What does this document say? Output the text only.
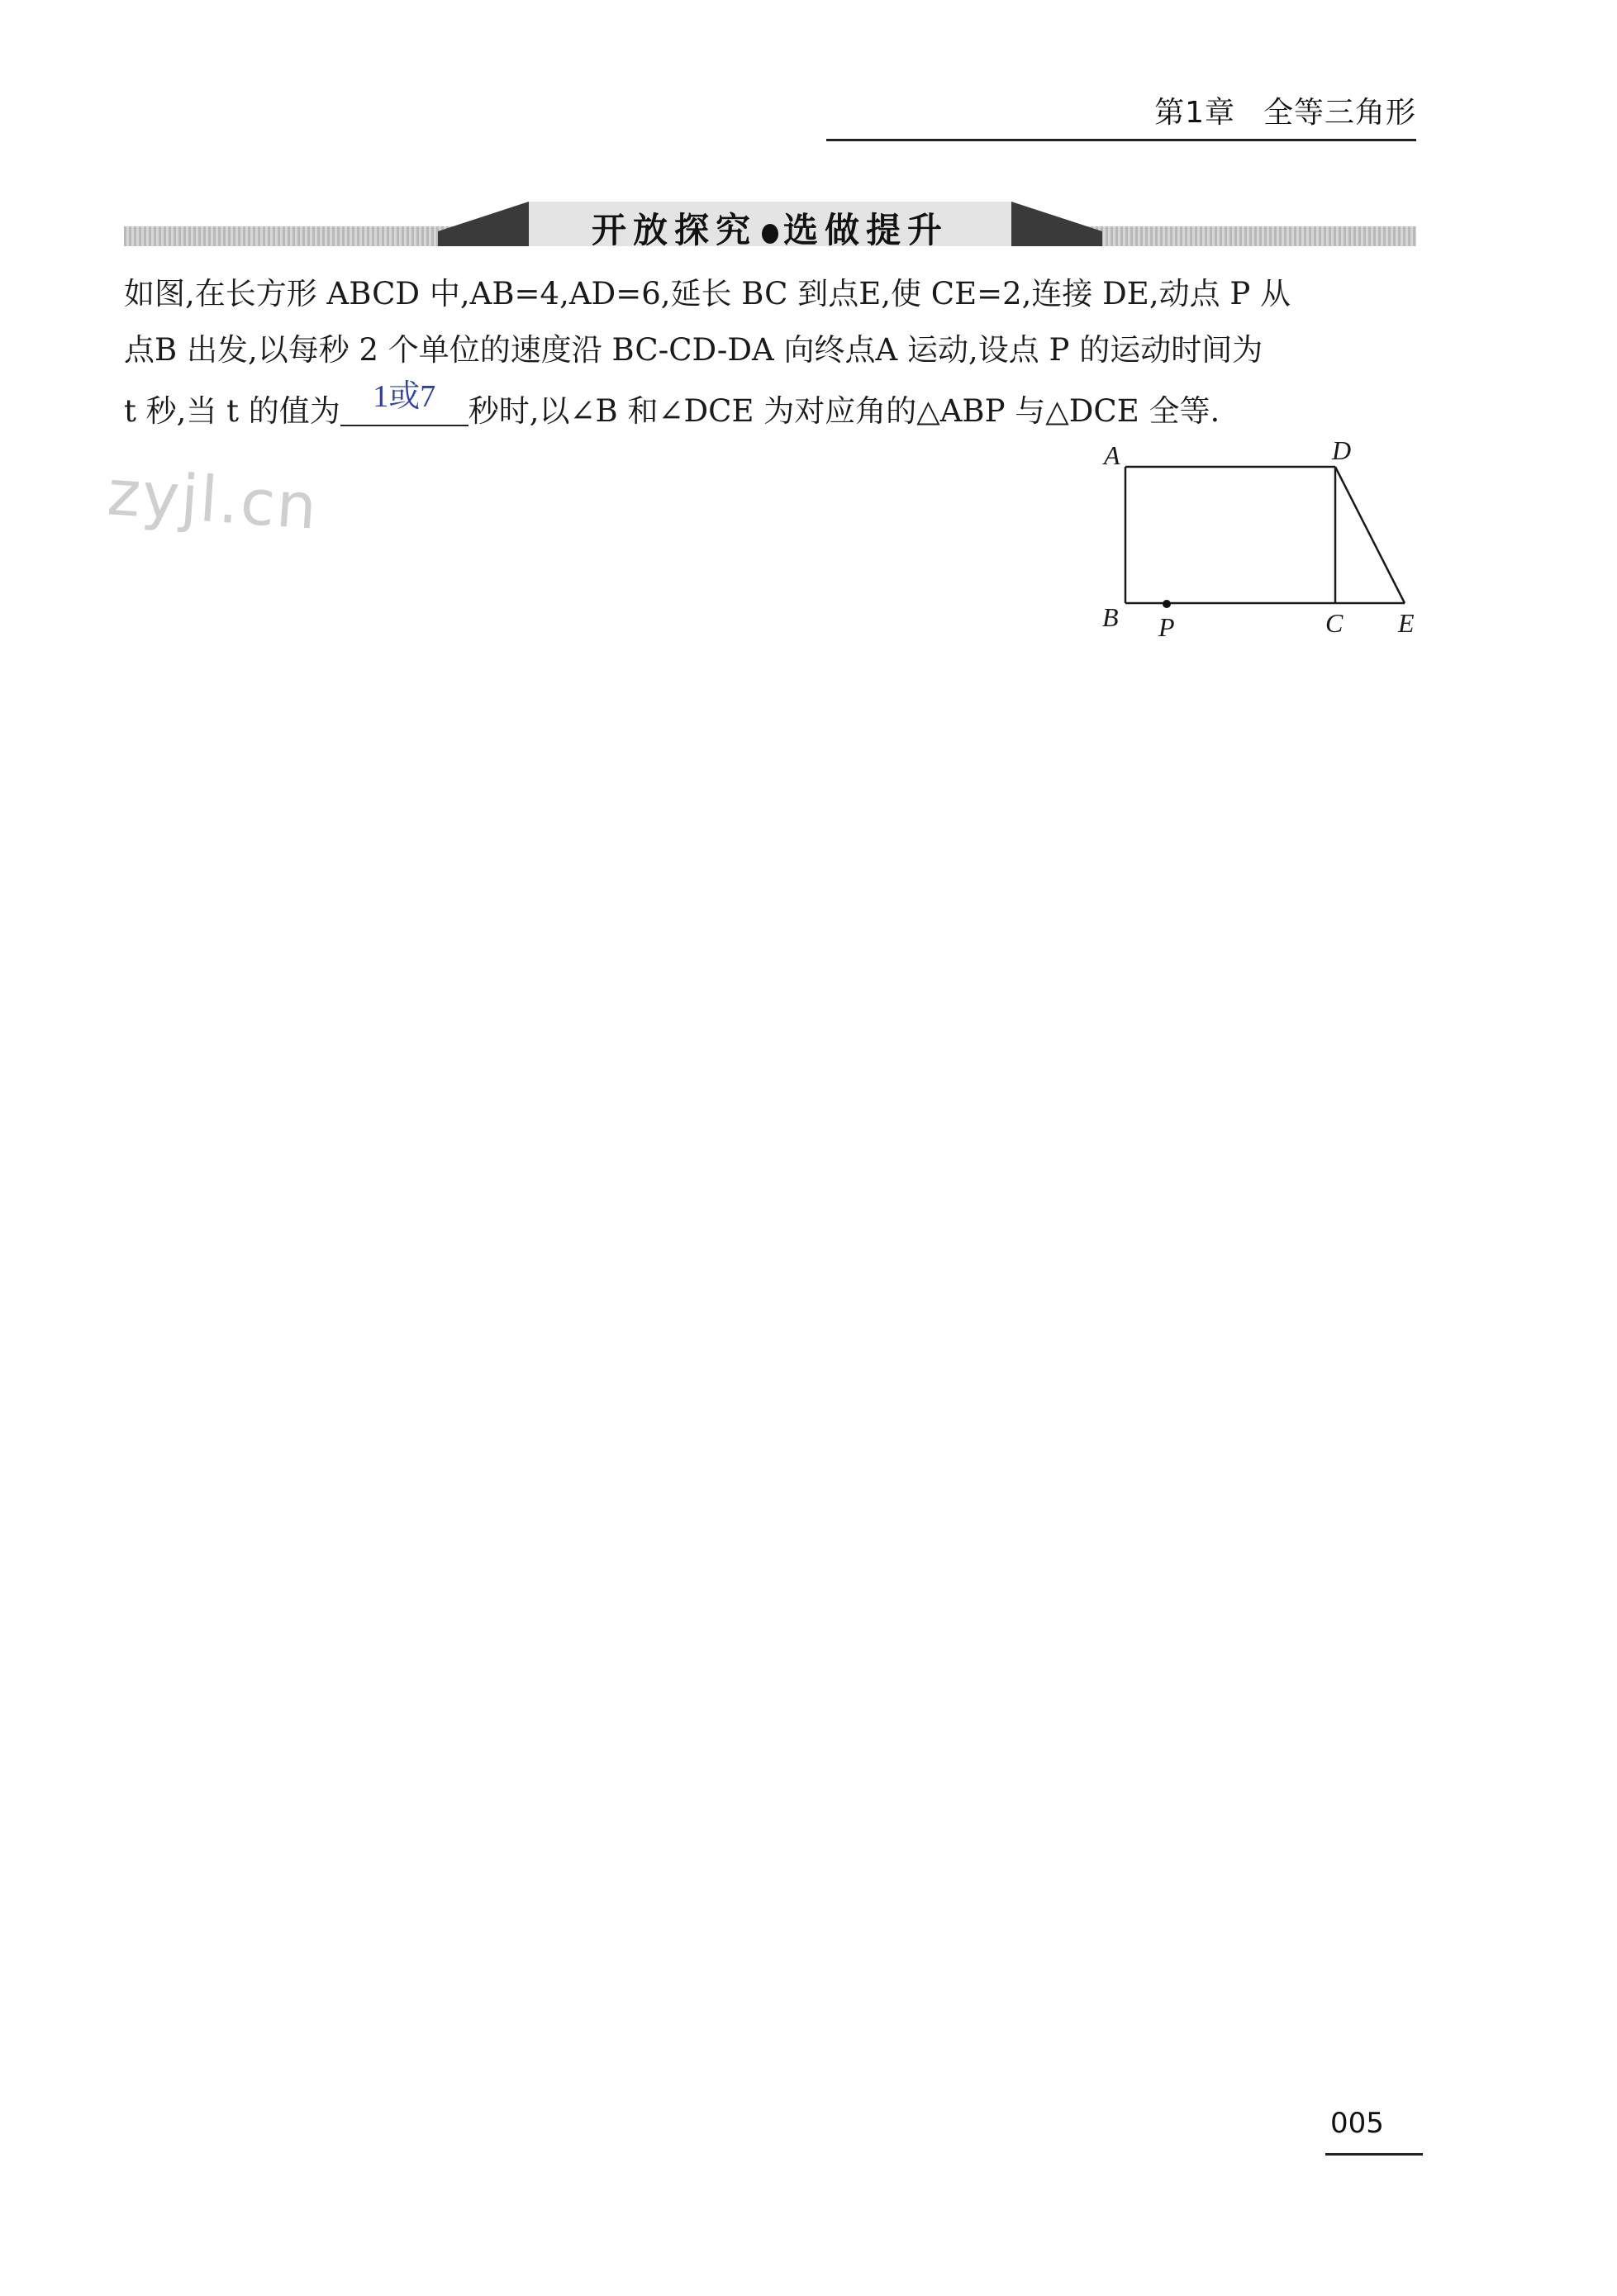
第1章 全等三角形
开放探究 选做提升
如图,在长方形 ABCD 中,AB=4,AD=6,延长 BC 到点E,使 CE=2,连接 DE,动点 P 从
点B 出发,以每秒 2 个单位的速度沿 BC-CD-DA 向终点A 运动,设点 P 的运动时间为
t 秒,当 t 的值为	1或7	秒时,以∠B 和∠DCE 为对应角的△ABP 与△DCE 全等.
zyjl.cn
A	D
B P	C E
005
